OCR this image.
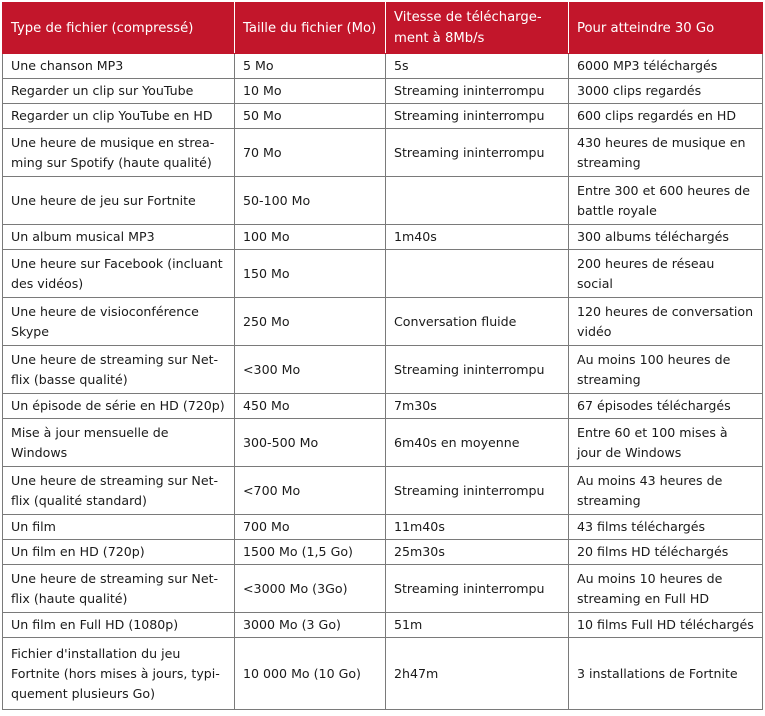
Type de fichier (compressé)	Taille du fichier (Mo)	Vitesse de télécharge-ment à 8Mb/s	Pour atteindre 30 Go
Une chanson MP3	5 Mo	5s	6000 MP3 téléchargés
Regarder un clip sur YouTube	10 Mo	Streaming ininterrompu	3000 clips regardés
Regarder un clip YouTube en HD	50 Mo	Streaming ininterrompu	600 clips regardés en HD
Une heure de musique en strea-ming sur Spotify (haute qualité)	70 Mo	Streaming ininterrompu	430 heures de musique en streaming
Une heure de jeu sur Fortnite	50-100 Mo		Entre 300 et 600 heures de battle royale
Un album musical MP3	100 Mo	1m40s	300 albums téléchargés
Une heure sur Facebook (incluant des vidéos)	150 Mo		200 heures de réseau social
Une heure de visioconférence Skype	250 Mo	Conversation fluide	120 heures de conversation vidéo
Une heure de streaming sur Net-flix (basse qualité)	<300 Mo	Streaming ininterrompu	Au moins 100 heures de streaming
Un épisode de série en HD (720p)	450 Mo	7m30s	67 épisodes téléchargés
Mise à jour mensuelle de Windows	300-500 Mo	6m40s en moyenne	Entre 60 et 100 mises à jour de Windows
Une heure de streaming sur Net-flix (qualité standard)	<700 Mo	Streaming ininterrompu	Au moins 43 heures de streaming
Un film	700 Mo	11m40s	43 films téléchargés
Un film en HD (720p)	1500 Mo (1,5 Go)	25m30s	20 films HD téléchargés
Une heure de streaming sur Net-flix (haute qualité)	<3000 Mo (3Go)	Streaming ininterrompu	Au moins 10 heures de streaming en Full HD
Un film en Full HD (1080p)	3000 Mo (3 Go)	51m	10 films Full HD téléchargés
Fichier d'installation du jeu Fortnite (hors mises à jours, typi-quement plusieurs Go)	10 000 Mo (10 Go)	2h47m	3 installations de Fortnite
